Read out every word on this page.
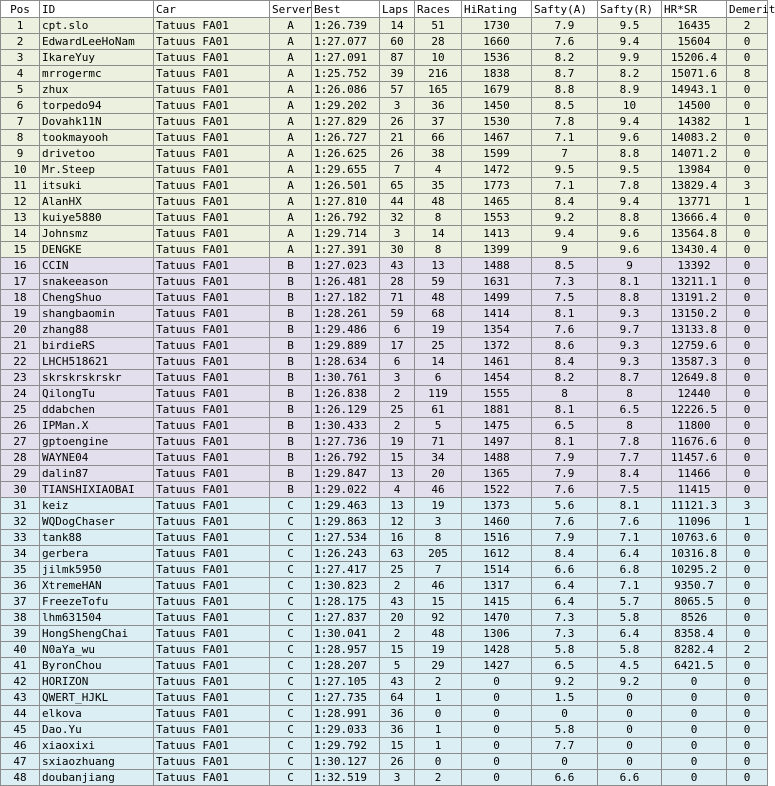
Pos	ID	Car	Server	Best	Laps	Races	HiRating	Safty(A)	Safty(R)	HR*SR	Demerit
1	cpt.slo	Tatuus FA01	A	1:26.739	14	51	1730	7.9	9.5	16435	2
2	EdwardLeeHoNam	Tatuus FA01	A	1:27.077	60	28	1660	7.6	9.4	15604	0
3	IkareYuy	Tatuus FA01	A	1:27.091	87	10	1536	8.2	9.9	15206.4	0
4	mrrogermc	Tatuus FA01	A	1:25.752	39	216	1838	8.7	8.2	15071.6	8
5	zhux	Tatuus FA01	A	1:26.086	57	165	1679	8.8	8.9	14943.1	0
6	torpedo94	Tatuus FA01	A	1:29.202	3	36	1450	8.5	10	14500	0
7	Dovahk11N	Tatuus FA01	A	1:27.829	26	37	1530	7.8	9.4	14382	1
8	tookmayooh	Tatuus FA01	A	1:26.727	21	66	1467	7.1	9.6	14083.2	0
9	drivetoo	Tatuus FA01	A	1:26.625	26	38	1599	7	8.8	14071.2	0
10	Mr.Steep	Tatuus FA01	A	1:29.655	7	4	1472	9.5	9.5	13984	0
11	itsuki	Tatuus FA01	A	1:26.501	65	35	1773	7.1	7.8	13829.4	3
12	AlanHX	Tatuus FA01	A	1:27.810	44	48	1465	8.4	9.4	13771	1
13	kuiye5880	Tatuus FA01	A	1:26.792	32	8	1553	9.2	8.8	13666.4	0
14	Johnsmz	Tatuus FA01	A	1:29.714	3	14	1413	9.4	9.6	13564.8	0
15	DENGKE	Tatuus FA01	A	1:27.391	30	8	1399	9	9.6	13430.4	0
16	CCIN	Tatuus FA01	B	1:27.023	43	13	1488	8.5	9	13392	0
17	snakeeason	Tatuus FA01	B	1:26.481	28	59	1631	7.3	8.1	13211.1	0
18	ChengShuo	Tatuus FA01	B	1:27.182	71	48	1499	7.5	8.8	13191.2	0
19	shangbaomin	Tatuus FA01	B	1:28.261	59	68	1414	8.1	9.3	13150.2	0
20	zhang88	Tatuus FA01	B	1:29.486	6	19	1354	7.6	9.7	13133.8	0
21	birdieRS	Tatuus FA01	B	1:29.889	17	25	1372	8.6	9.3	12759.6	0
22	LHCH518621	Tatuus FA01	B	1:28.634	6	14	1461	8.4	9.3	13587.3	0
23	skrskrskrskr	Tatuus FA01	B	1:30.761	3	6	1454	8.2	8.7	12649.8	0
24	QilongTu	Tatuus FA01	B	1:26.838	2	119	1555	8	8	12440	0
25	ddabchen	Tatuus FA01	B	1:26.129	25	61	1881	8.1	6.5	12226.5	0
26	IPMan.X	Tatuus FA01	B	1:30.433	2	5	1475	6.5	8	11800	0
27	gptoengine	Tatuus FA01	B	1:27.736	19	71	1497	8.1	7.8	11676.6	0
28	WAYNE04	Tatuus FA01	B	1:26.792	15	34	1488	7.9	7.7	11457.6	0
29	dalin87	Tatuus FA01	B	1:29.847	13	20	1365	7.9	8.4	11466	0
30	TIANSHIXIAOBAI	Tatuus FA01	B	1:29.022	4	46	1522	7.6	7.5	11415	0
31	keiz	Tatuus FA01	C	1:29.463	13	19	1373	5.6	8.1	11121.3	3
32	WQDogChaser	Tatuus FA01	C	1:29.863	12	3	1460	7.6	7.6	11096	1
33	tank88	Tatuus FA01	C	1:27.534	16	8	1516	7.9	7.1	10763.6	0
34	gerbera	Tatuus FA01	C	1:26.243	63	205	1612	8.4	6.4	10316.8	0
35	jilmk5950	Tatuus FA01	C	1:27.417	25	7	1514	6.6	6.8	10295.2	0
36	XtremeHAN	Tatuus FA01	C	1:30.823	2	46	1317	6.4	7.1	9350.7	0
37	FreezeTofu	Tatuus FA01	C	1:28.175	43	15	1415	6.4	5.7	8065.5	0
38	lhm631504	Tatuus FA01	C	1:27.837	20	92	1470	7.3	5.8	8526	0
39	HongShengChai	Tatuus FA01	C	1:30.041	2	48	1306	7.3	6.4	8358.4	0
40	N0aYa_wu	Tatuus FA01	C	1:28.957	15	19	1428	5.8	5.8	8282.4	2
41	ByronChou	Tatuus FA01	C	1:28.207	5	29	1427	6.5	4.5	6421.5	0
42	HORIZON	Tatuus FA01	C	1:27.105	43	2	0	9.2	9.2	0	0
43	QWERT_HJKL	Tatuus FA01	C	1:27.735	64	1	0	1.5	0	0	0
44	elkova	Tatuus FA01	C	1:28.991	36	0	0	0	0	0	0
45	Dao.Yu	Tatuus FA01	C	1:29.033	36	1	0	5.8	0	0	0
46	xiaoxixi	Tatuus FA01	C	1:29.792	15	1	0	7.7	0	0	0
47	sxiaozhuang	Tatuus FA01	C	1:30.127	26	0	0	0	0	0	0
48	doubanjiang	Tatuus FA01	C	1:32.519	3	2	0	6.6	6.6	0	0
